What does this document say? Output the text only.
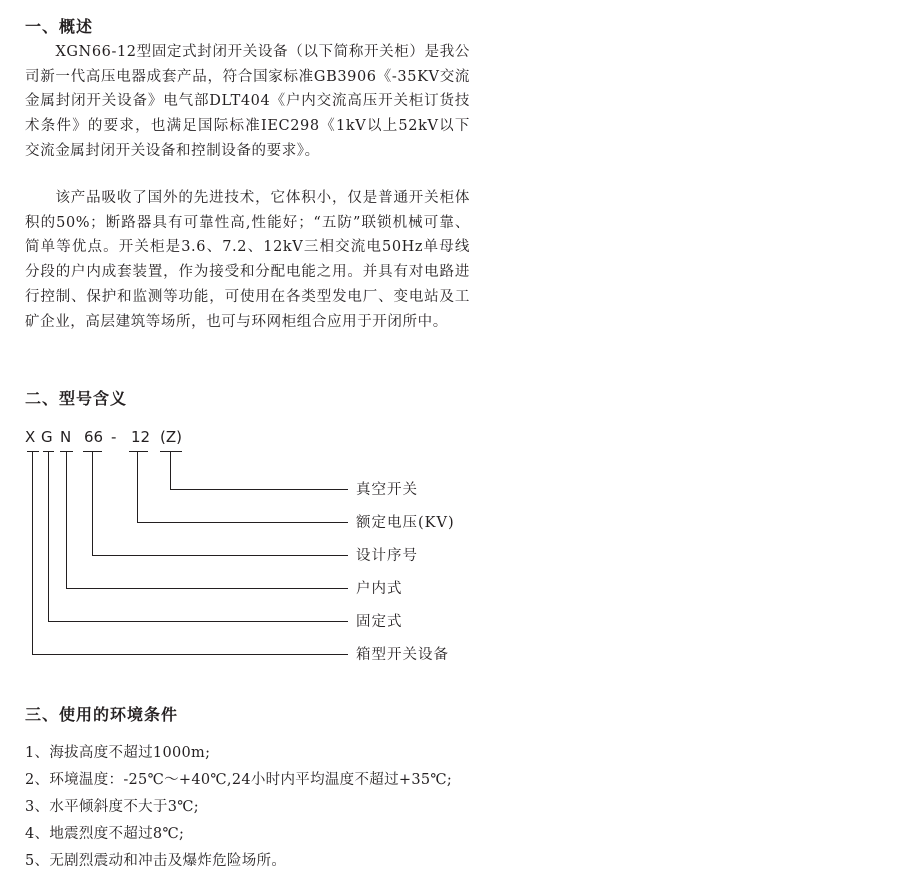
一、概述

XGN66-12型固定式封闭开关设备（以下简称开关柜）是我公司新一代高压电器成套产品，符合国家标准GB3906《-35KV交流金属封闭开关设备》电气部DLT404《户内交流高压开关柜订货技术条件》的要求，也满足国际标准IEC298《1kV以上52kV以下交流金属封闭开关设备和控制设备的要求》。

该产品吸收了国外的先进技术，它体积小，仅是普通开关柜体积的50%；断路器具有可靠性高,性能好；“五防”联锁机械可靠、简单等优点。开关柜是3.6、7.2、12kV三相交流电50Hz单母线分段的户内成套装置，作为接受和分配电能之用。并具有对电路进行控制、保护和监测等功能，可使用在各类型发电厂、变电站及工矿企业，高层建筑等场所，也可与环网柜组合应用于开闭所中。

二、型号含义
X G N 66 - 12 (Z)
真空开关
额定电压(KV)
设计序号
户内式
固定式
箱型开关设备
三、使用的环境条件
1、海拔高度不超过1000m;
2、环境温度：-25℃～+40℃,24小时内平均温度不超过+35℃;
3、水平倾斜度不大于3℃;
4、地震烈度不超过8℃;
5、无剧烈震动和冲击及爆炸危险场所。
